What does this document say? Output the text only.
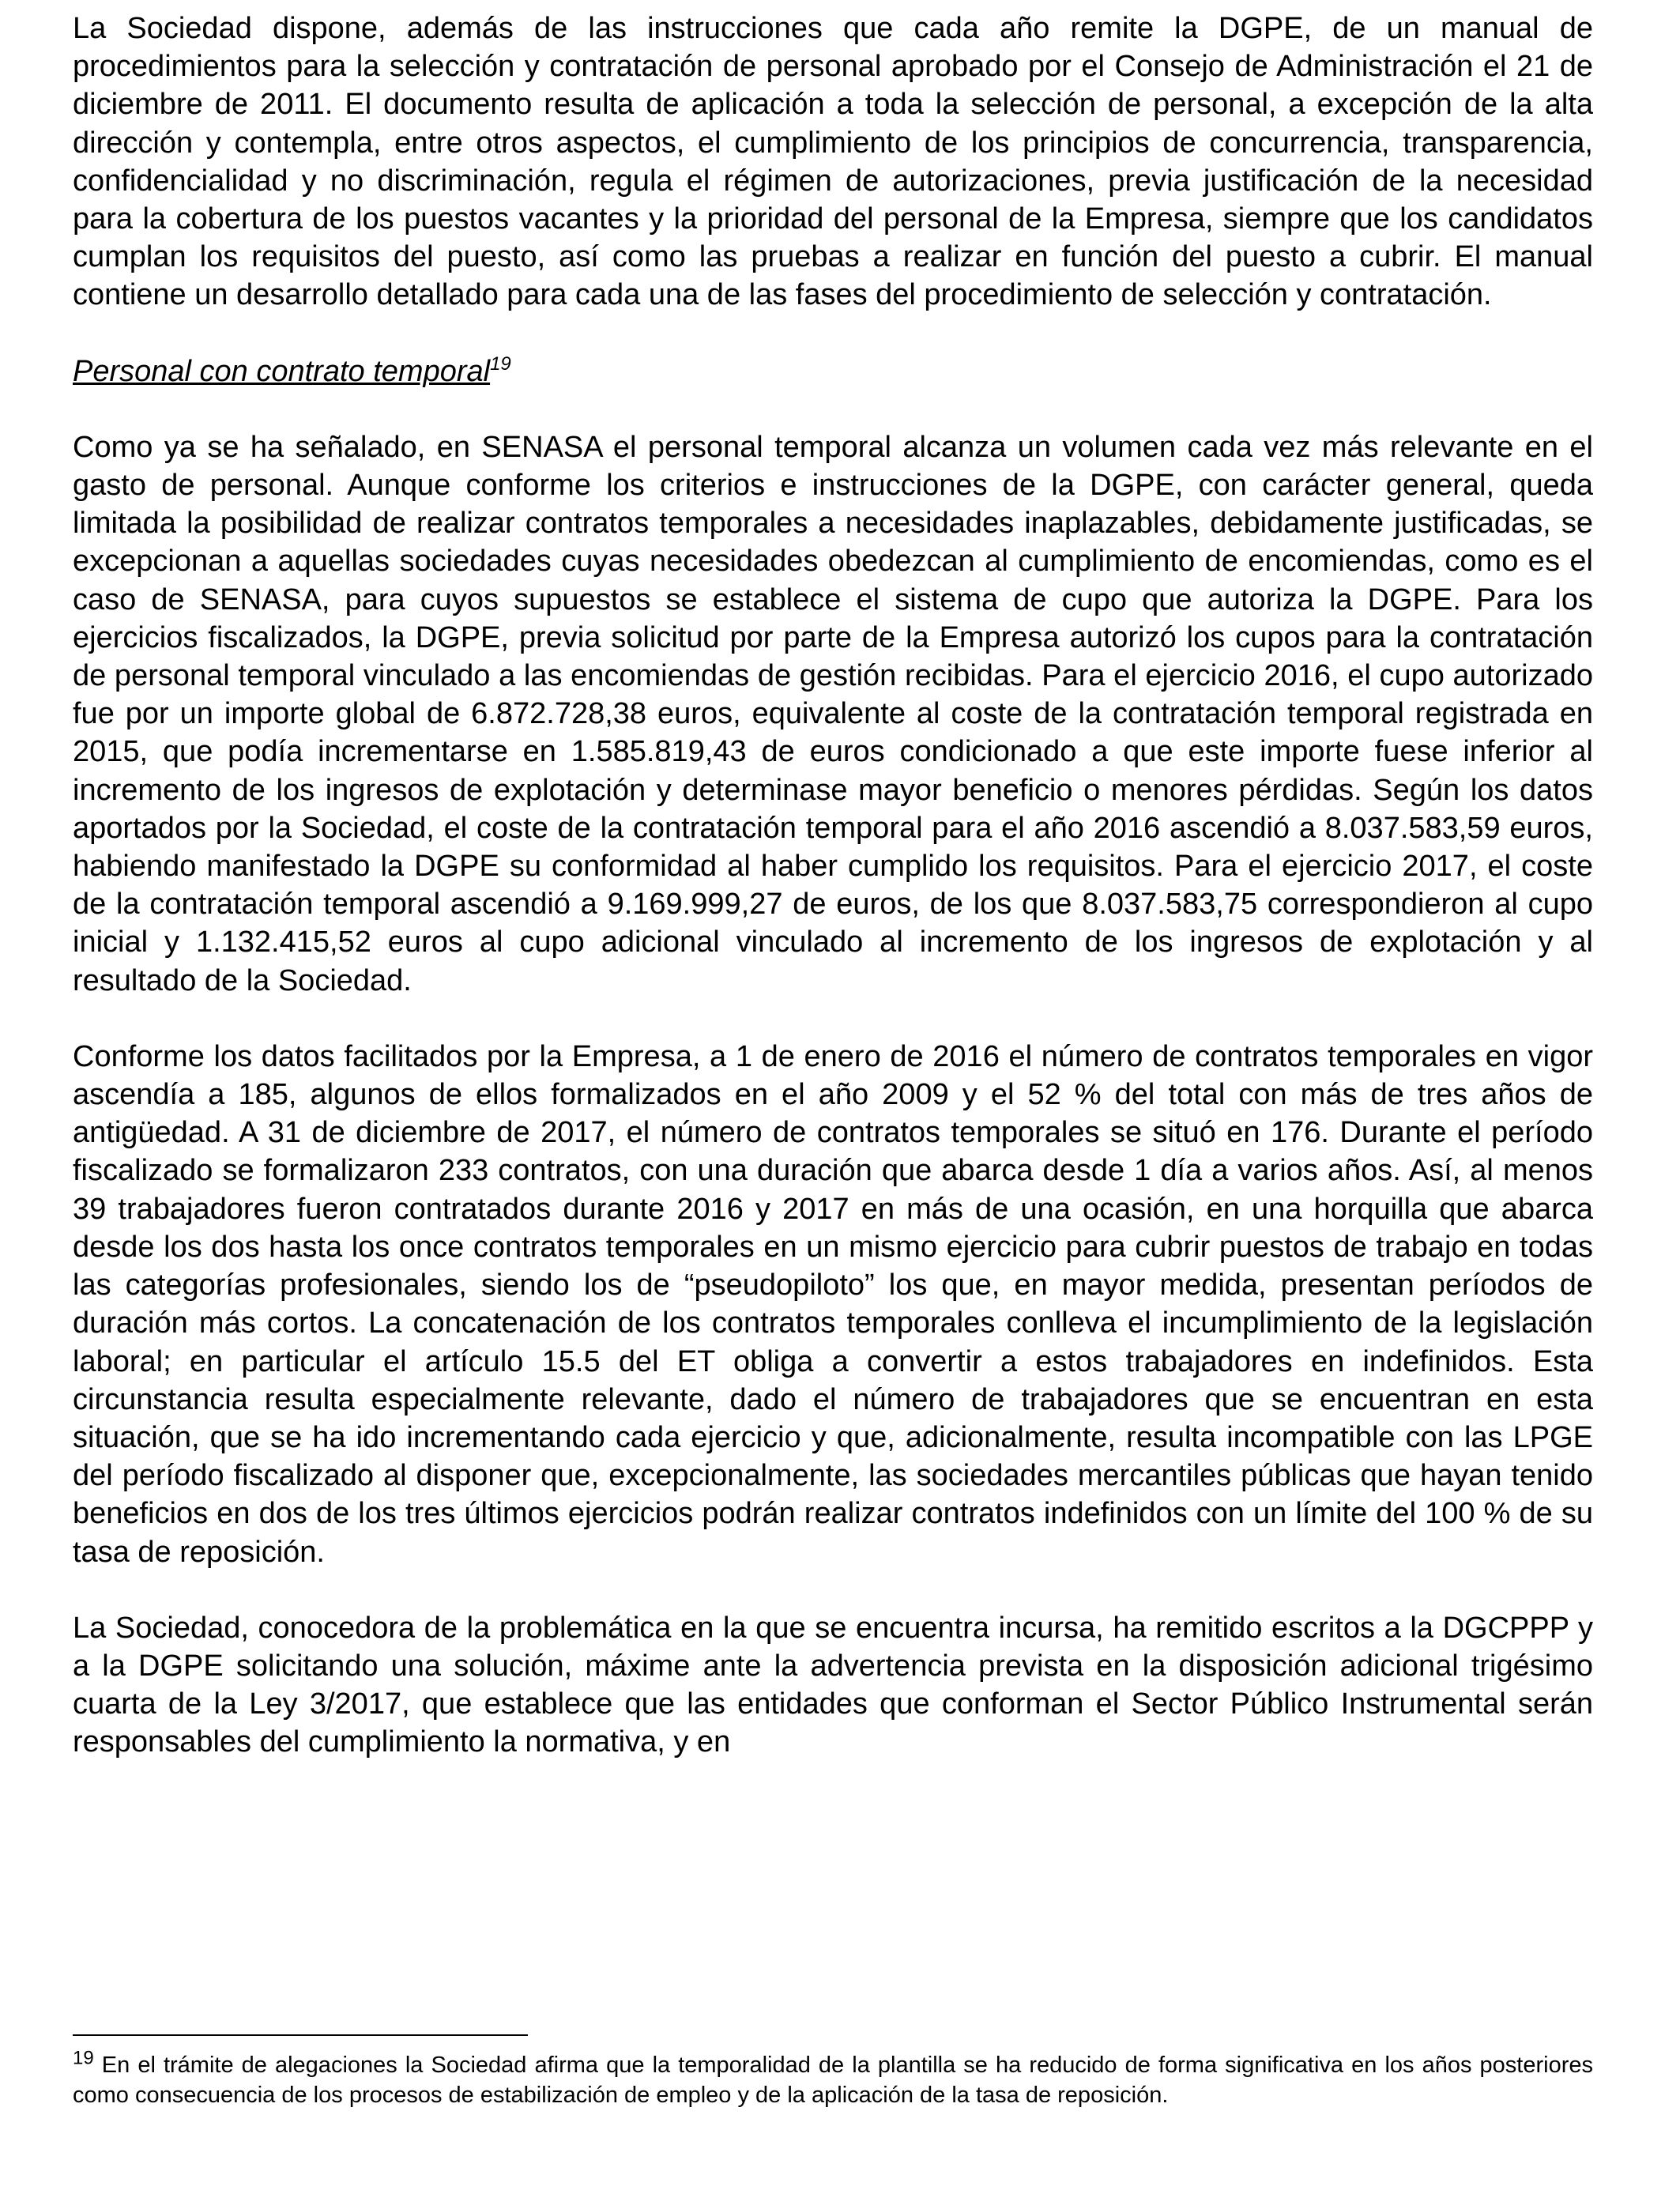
La Sociedad dispone, además de las instrucciones que cada año remite la DGPE, de un manual de procedimientos para la selección y contratación de personal aprobado por el Consejo de Administración el 21 de diciembre de 2011. El documento resulta de aplicación a toda la selección de personal, a excepción de la alta dirección y contempla, entre otros aspectos, el cumplimiento de los principios de concurrencia, transparencia, confidencialidad y no discriminación, regula el régimen de autorizaciones, previa justificación de la necesidad para la cobertura de los puestos vacantes y la prioridad del personal de la Empresa, siempre que los candidatos cumplan los requisitos del puesto, así como las pruebas a realizar en función del puesto a cubrir. El manual contiene un desarrollo detallado para cada una de las fases del procedimiento de selección y contratación.

Personal con contrato temporal$^{19}$

Como ya se ha señalado, en SENASA el personal temporal alcanza un volumen cada vez más relevante en el gasto de personal. Aunque conforme los criterios e instrucciones de la DGPE, con carácter general, queda limitada la posibilidad de realizar contratos temporales a necesidades inaplazables, debidamente justificadas, se excepcionan a aquellas sociedades cuyas necesidades obedezcan al cumplimiento de encomiendas, como es el caso de SENASA, para cuyos supuestos se establece el sistema de cupo que autoriza la DGPE. Para los ejercicios fiscalizados, la DGPE, previa solicitud por parte de la Empresa autorizó los cupos para la contratación de personal temporal vinculado a las encomiendas de gestión recibidas. Para el ejercicio 2016, el cupo autorizado fue por un importe global de 6.872.728,38 euros, equivalente al coste de la contratación temporal registrada en 2015, que podía incrementarse en 1.585.819,43 de euros condicionado a que este importe fuese inferior al incremento de los ingresos de explotación y determinase mayor beneficio o menores pérdidas. Según los datos aportados por la Sociedad, el coste de la contratación temporal para el año 2016 ascendió a 8.037.583,59 euros, habiendo manifestado la DGPE su conformidad al haber cumplido los requisitos. Para el ejercicio 2017, el coste de la contratación temporal ascendió a 9.169.999,27 de euros, de los que 8.037.583,75 correspondieron al cupo inicial y 1.132.415,52 euros al cupo adicional vinculado al incremento de los ingresos de explotación y al resultado de la Sociedad.

Conforme los datos facilitados por la Empresa, a 1 de enero de 2016 el número de contratos temporales en vigor ascendía a 185, algunos de ellos formalizados en el año 2009 y el 52 % del total con más de tres años de antigüedad. A 31 de diciembre de 2017, el número de contratos temporales se situó en 176. Durante el período fiscalizado se formalizaron 233 contratos, con una duración que abarca desde 1 día a varios años. Así, al menos 39 trabajadores fueron contratados durante 2016 y 2017 en más de una ocasión, en una horquilla que abarca desde los dos hasta los once contratos temporales en un mismo ejercicio para cubrir puestos de trabajo en todas las categorías profesionales, siendo los de “pseudopiloto” los que, en mayor medida, presentan períodos de duración más cortos. La concatenación de los contratos temporales conlleva el incumplimiento de la legislación laboral; en particular el artículo 15.5 del ET obliga a convertir a estos trabajadores en indefinidos. Esta circunstancia resulta especialmente relevante, dado el número de trabajadores que se encuentran en esta situación, que se ha ido incrementando cada ejercicio y que, adicionalmente, resulta incompatible con las LPGE del período fiscalizado al disponer que, excepcionalmente, las sociedades mercantiles públicas que hayan tenido beneficios en dos de los tres últimos ejercicios podrán realizar contratos indefinidos con un límite del 100 % de su tasa de reposición.

La Sociedad, conocedora de la problemática en la que se encuentra incursa, ha remitido escritos a la DGCPPP y a la DGPE solicitando una solución, máxime ante la advertencia prevista en la disposición adicional trigésimo cuarta de la Ley 3/2017, que establece que las entidades que conforman el Sector Público Instrumental serán responsables del cumplimiento la normativa, y en

$^{19}$ En el trámite de alegaciones la Sociedad afirma que la temporalidad de la plantilla se ha reducido de forma significativa en los años posteriores como consecuencia de los procesos de estabilización de empleo y de la aplicación de la tasa de reposición.
